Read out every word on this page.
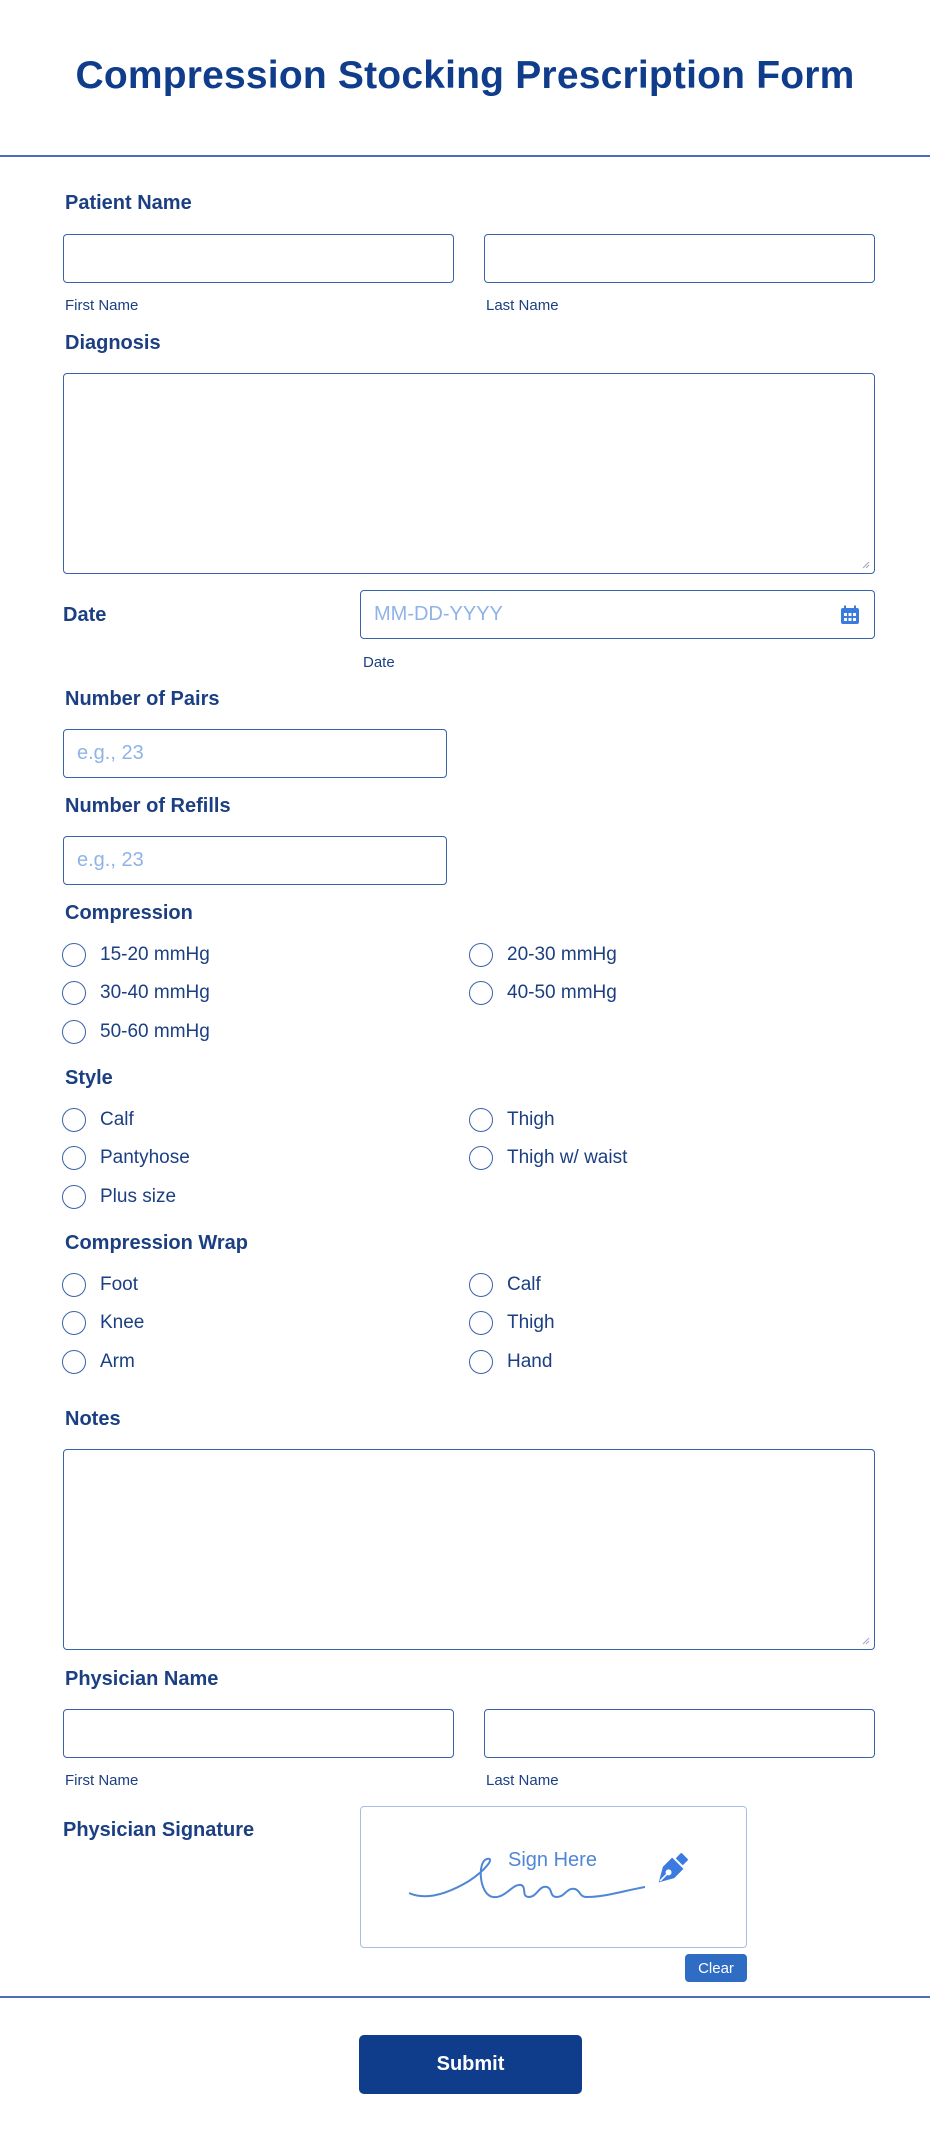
Compression Stocking Prescription Form
Patient Name
First Name	Last Name
Diagnosis
Date	MM-DD-YYYY
Date
Number of Pairs
e.g., 23
Number of Refills
e.g., 23
Compression
15-20 mmHg	20-30 mmHg
30-40 mmHg	40-50 mmHg
50-60 mmHg
Style
Calf	Thigh
Pantyhose	Thigh w/ waist
Plus size
Compression Wrap
Foot	Calf
Knee	Thigh
Arm	Hand
Notes
Physician Name
First Name	Last Name
Physician Signature
Sign Here
Clear
Submit
